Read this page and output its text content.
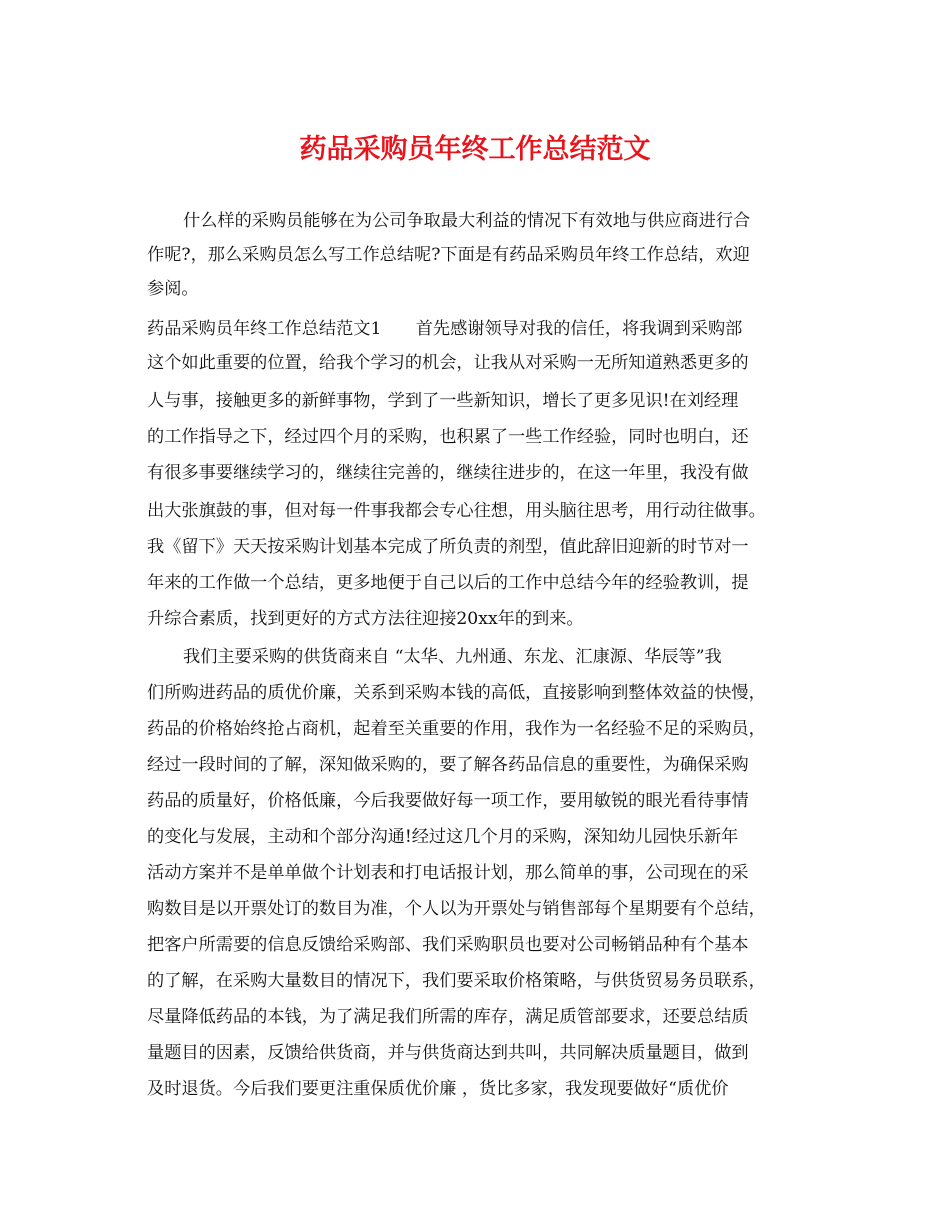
药品采购员年终工作总结范文
什么样的采购员能够在为公司争取最大利益的情况下有效地与供应商进行合
作呢?，那么采购员怎么写工作总结呢?下面是有药品采购员年终工作总结，欢迎
参阅。
药品采购员年终工作总结范文1　　首先感谢领导对我的信任，将我调到采购部
这个如此重要的位置，给我个学习的机会，让我从对采购一无所知道熟悉更多的
人与事，接触更多的新鲜事物，学到了一些新知识，增长了更多见识!在刘经理
的工作指导之下，经过四个月的采购，也积累了一些工作经验，同时也明白，还
有很多事要继续学习的，继续往完善的，继续往进步的，在这一年里，我没有做
出大张旗鼓的事，但对每一件事我都会专心往想，用头脑往思考，用行动往做事。
我《留下》天天按采购计划基本完成了所负责的剂型，值此辞旧迎新的时节对一
年来的工作做一个总结，更多地便于自己以后的工作中总结今年的经验教训，提
升综合素质，找到更好的方式方法往迎接20xx年的到来。
我们主要采购的供货商来自 “太华、九州通、东龙、汇康源、华辰等”我
们所购进药品的质优价廉，关系到采购本钱的高低，直接影响到整体效益的快慢，
药品的价格始终抢占商机，起着至关重要的作用，我作为一名经验不足的采购员，
经过一段时间的了解，深知做采购的，要了解各药品信息的重要性，为确保采购
药品的质量好，价格低廉，今后我要做好每一项工作，要用敏锐的眼光看待事情
的变化与发展，主动和个部分沟通!经过这几个月的采购，深知幼儿园快乐新年
活动方案并不是单单做个计划表和打电话报计划，那么简单的事，公司现在的采
购数目是以开票处订的数目为准，个人以为开票处与销售部每个星期要有个总结，
把客户所需要的信息反馈给采购部、我们采购职员也要对公司畅销品种有个基本
的了解，在采购大量数目的情况下，我们要采取价格策略，与供货贸易务员联系，
尽量降低药品的本钱，为了满足我们所需的库存，满足质管部要求，还要总结质
量题目的因素，反馈给供货商，并与供货商达到共叫，共同解决质量题目，做到
及时退货。今后我们要更注重保质优价廉 ，货比多家，我发现要做好“质优价
